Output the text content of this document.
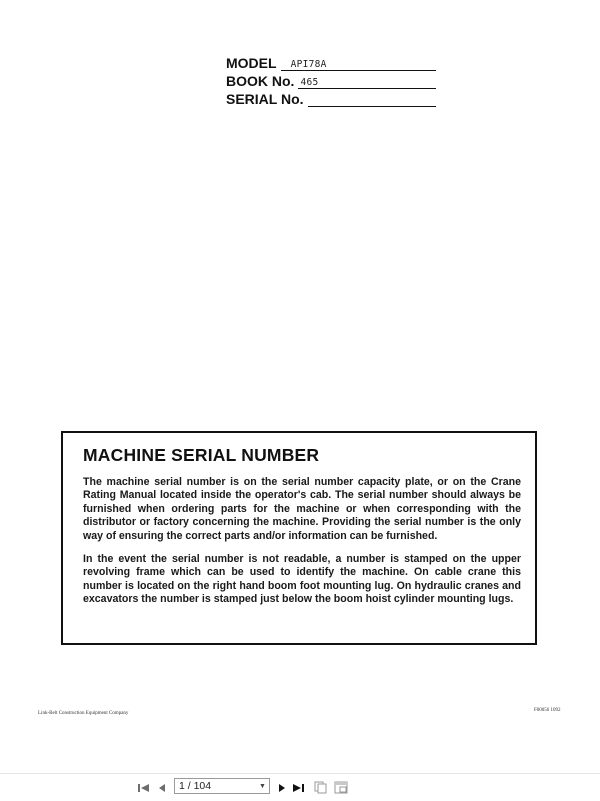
MODEL API78A
BOOK No. 465
SERIAL No.
MACHINE SERIAL NUMBER

The machine serial number is on the serial number capacity plate, or on the Crane Rating Manual located inside the operator's cab. The serial number should always be furnished when ordering parts for the machine or when corresponding with the distributor or factory concerning the machine. Providing the serial number is the only way of ensuring the correct parts and/or information can be furnished.

In the event the serial number is not readable, a number is stamped on the upper revolving frame which can be used to identify the machine. On cable crane this number is located on the right hand boom foot mounting lug. On hydraulic cranes and excavators the number is stamped just below the boom hoist cylinder mounting lugs.

Link-Belt Construction Equipment Company
F00056 1092
1 / 104
▼
